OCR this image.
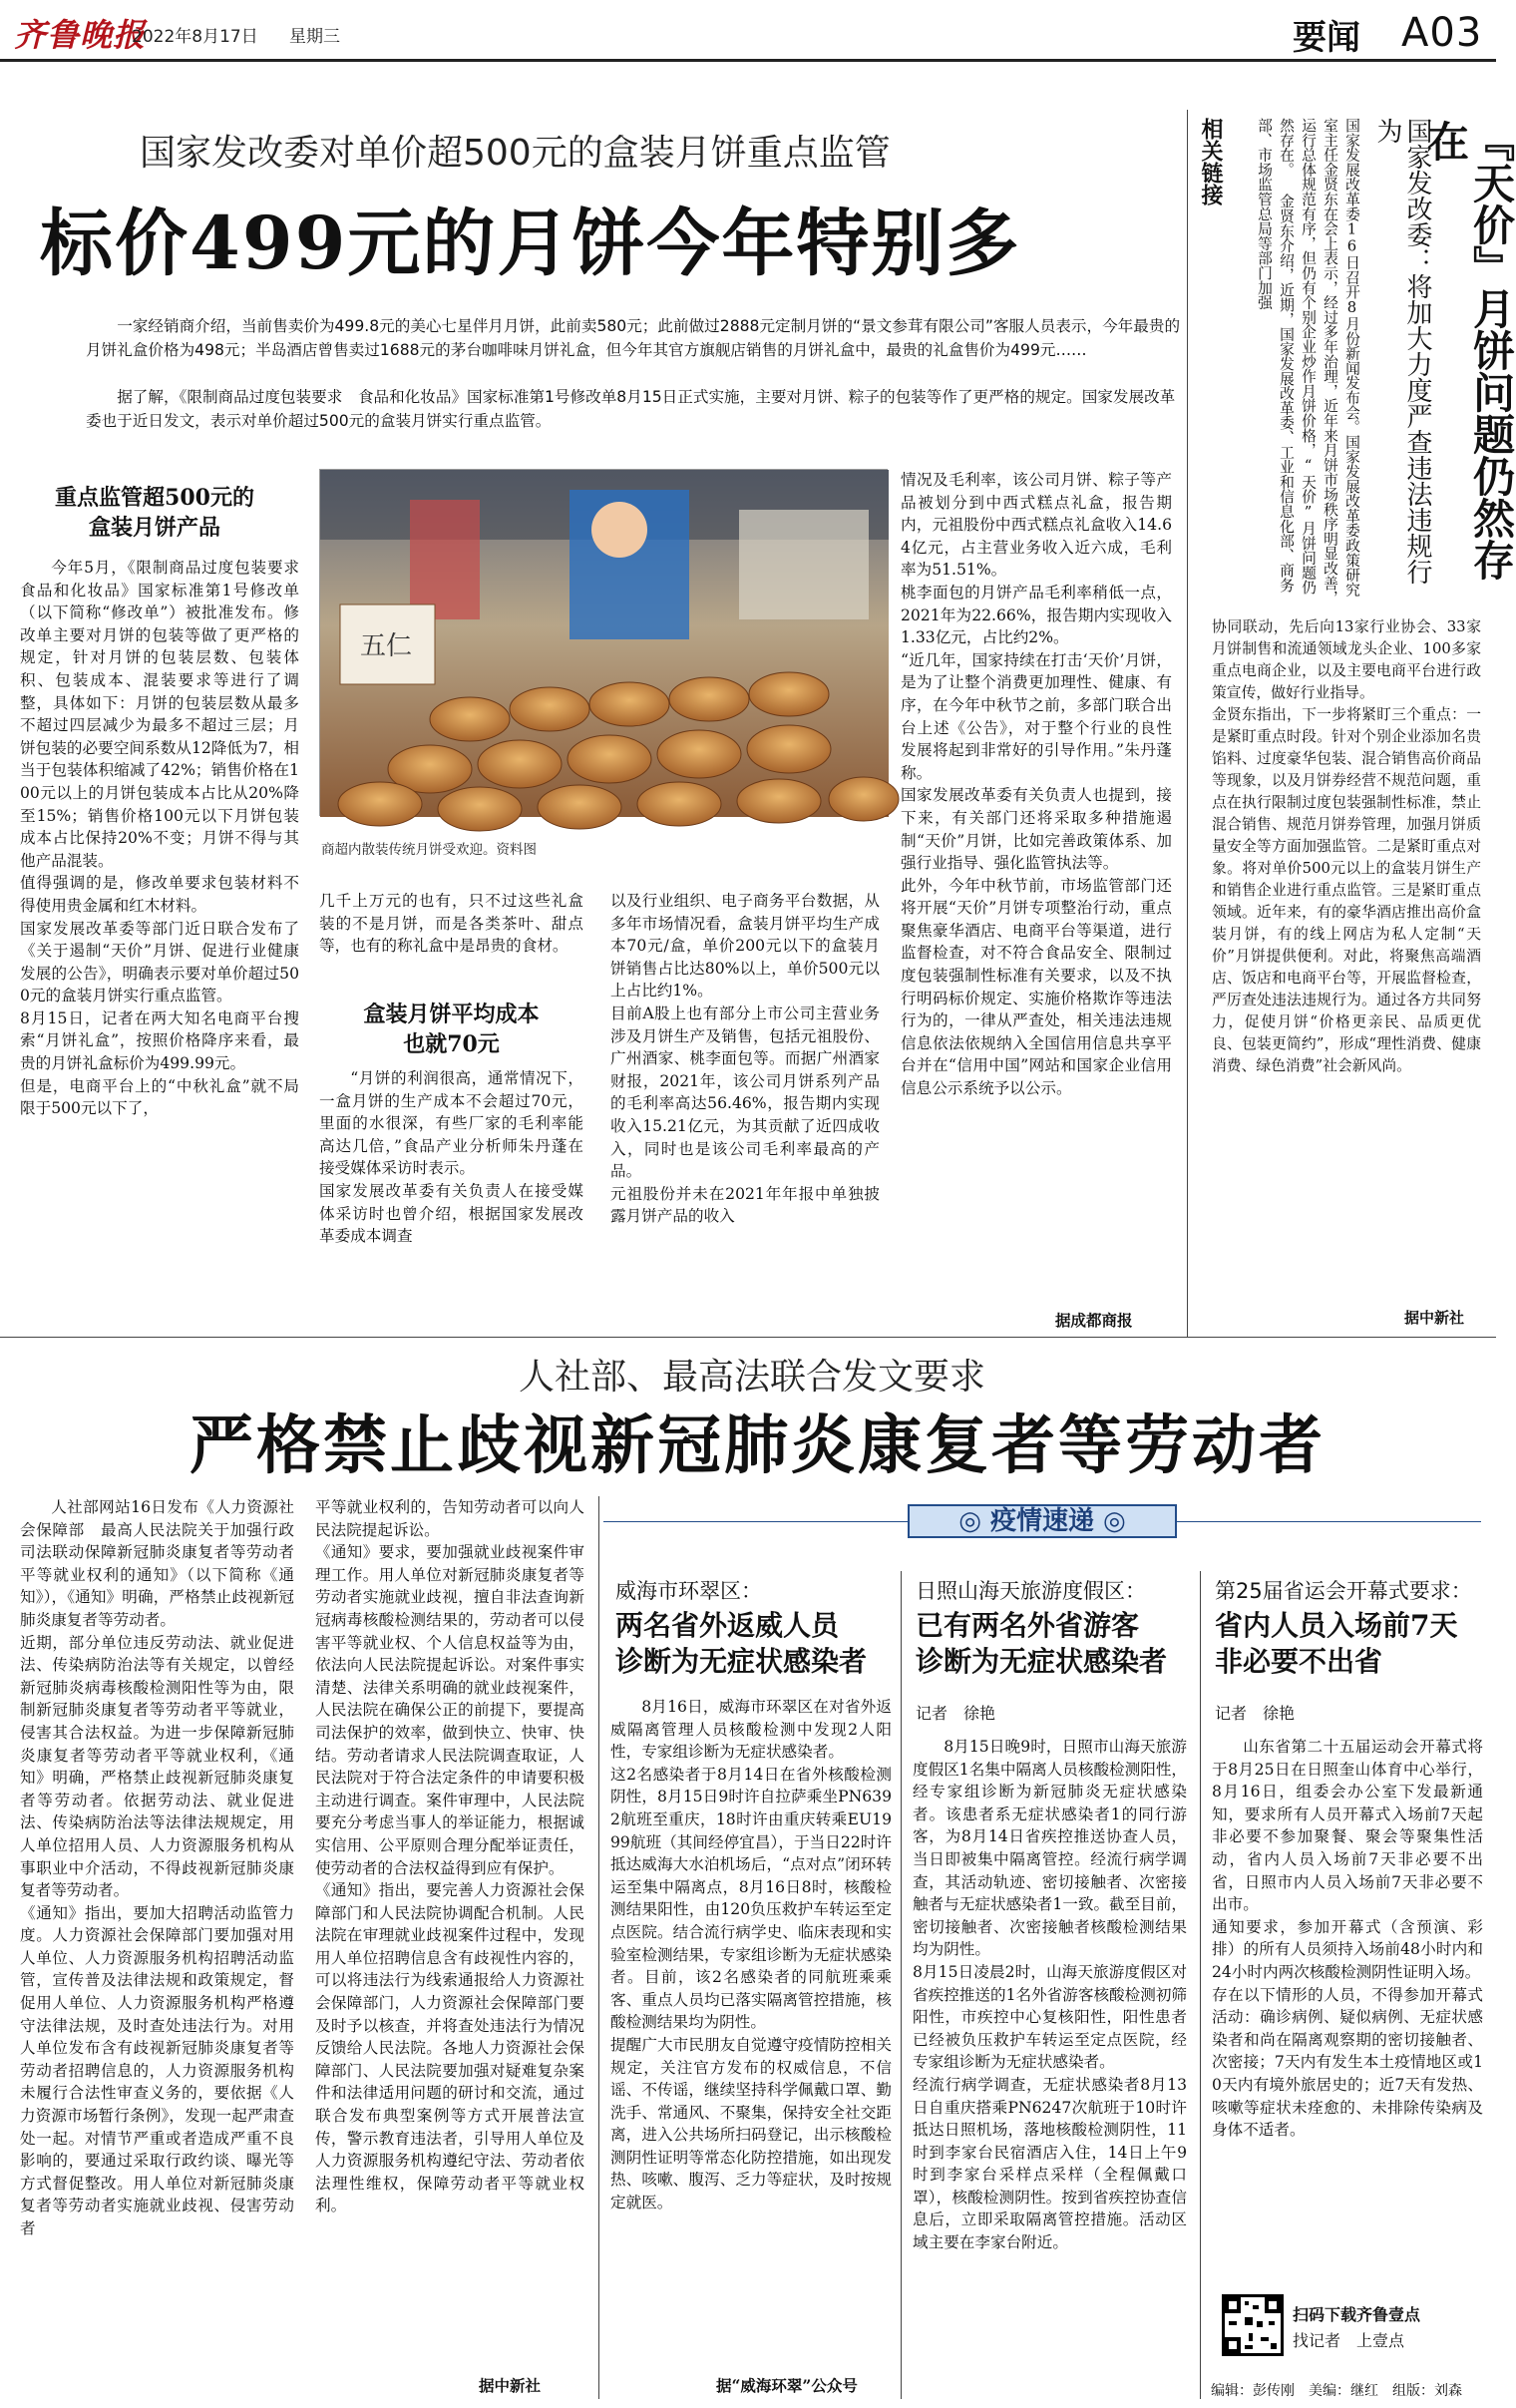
齐鲁晚报
2022年8月17日 星期三	要闻 A03
国家发改委对单价超500元的盒装月饼重点监管
标价499元的月饼今年特别多
一家经销商介绍，当前售卖价为499.8元的美心七星伴月月饼，此前卖580元；此前做过2888元定制月饼的“景文参茸有限公司”客服人员表示，今年最贵的月饼礼盒价格为498元；半岛酒店曾售卖过1688元的茅台咖啡味月饼礼盒，但今年其官方旗舰店销售的月饼礼盒中，最贵的礼盒售价为499元……
据了解，《限制商品过度包装要求　食品和化妆品》国家标准第1号修改单8月15日正式实施，主要对月饼、粽子的包装等作了更严格的规定。国家发展改革委也于近日发文，表示对单价超过500元的盒装月饼实行重点监管。
重点监管超500元的
盒装月饼产品
今年5月，《限制商品过度包装要求　食品和化妆品》国家标准第1号修改单（以下简称“修改单”）被批准发布。修改单主要对月饼的包装等做了更严格的规定，针对月饼的包装层数、包装体积、包装成本、混装要求等进行了调整，具体如下：月饼的包装层数从最多不超过四层减少为最多不超过三层；月饼包装的必要空间系数从12降低为7，相当于包装体积缩减了42%；销售价格在100元以上的月饼包装成本占比从20%降至15%；销售价格100元以下月饼包装成本占比保持20%不变；月饼不得与其他产品混装。
值得强调的是，修改单要求包装材料不得使用贵金属和红木材料。
国家发展改革委等部门近日联合发布了《关于遏制“天价”月饼、促进行业健康发展的公告》，明确表示要对单价超过500元的盒装月饼实行重点监管。
8月15日，记者在两大知名电商平台搜索“月饼礼盒”，按照价格降序来看，最贵的月饼礼盒标价为499.99元。
但是，电商平台上的“中秋礼盒”就不局限于500元以下了，
五仁
商超内散装传统月饼受欢迎。资料图
几千上万元的也有，只不过这些礼盒装的不是月饼，而是各类茶叶、甜点等，也有的称礼盒中是昂贵的食材。
盒装月饼平均成本
也就70元
“月饼的利润很高，通常情况下，一盒月饼的生产成本不会超过70元，里面的水很深，有些厂家的毛利率能高达几倍，”食品产业分析师朱丹蓬在接受媒体采访时表示。
国家发展改革委有关负责人在接受媒体采访时也曾介绍，根据国家发展改革委成本调查
以及行业组织、电子商务平台数据，从多年市场情况看，盒装月饼平均生产成本70元/盒，单价200元以下的盒装月饼销售占比达80%以上，单价500元以上占比约1%。
目前A股上也有部分上市公司主营业务涉及月饼生产及销售，包括元祖股份、广州酒家、桃李面包等。而据广州酒家财报，2021年，该公司月饼系列产品的毛利率高达56.46%，报告期内实现收入15.21亿元，为其贡献了近四成收入，同时也是该公司毛利率最高的产品。
元祖股份并未在2021年年报中单独披露月饼产品的收入
情况及毛利率，该公司月饼、粽子等产品被划分到中西式糕点礼盒，报告期内，元祖股份中西式糕点礼盒收入14.64亿元，占主营业务收入近六成，毛利率为51.51%。
桃李面包的月饼产品毛利率稍低一点，2021年为22.66%，报告期内实现收入1.33亿元，占比约2%。
“近几年，国家持续在打击‘天价’月饼，是为了让整个消费更加理性、健康、有序，在今年中秋节之前，多部门联合出台上述《公告》，对于整个行业的良性发展将起到非常好的引导作用。”朱丹蓬称。
国家发展改革委有关负责人也提到，接下来，有关部门还将采取多种措施遏制“天价”月饼，比如完善政策体系、加强行业指导、强化监管执法等。
此外，今年中秋节前，市场监管部门还将开展“天价”月饼专项整治行动，重点聚焦豪华酒店、电商平台等渠道，进行监督检查，对不符合食品安全、限制过度包装强制性标准有关要求，以及不执行明码标价规定、实施价格欺诈等违法行为的，一律从严查处，相关违法违规信息依法依规纳入全国信用信息共享平台并在“信用中国”网站和国家企业信用信息公示系统予以公示。
据成都商报
相关链接	『天价』月饼问题仍然存在
国家发改委：将加大力度严查违法违规行为
国家发展改革委16日召开8月份新闻发布会。国家发展改革委政策研究室主任金贤东在会上表示，经过多年治理，近年来月饼市场秩序明显改善，运行总体规范有序，但仍有个别企业炒作月饼价格，“天价”月饼问题仍然存在。 金贤东介绍，近期，国家发展改革委、工业和信息化部、商务部、市场监管总局等部门加强
协同联动，先后向13家行业协会、33家月饼制售和流通领域龙头企业、100多家重点电商企业，以及主要电商平台进行政策宣传，做好行业指导。
金贤东指出，下一步将紧盯三个重点：一是紧盯重点时段。针对个别企业添加名贵馅料、过度豪华包装、混合销售高价商品等现象，以及月饼券经营不规范问题，重点在执行限制过度包装强制性标准，禁止混合销售、规范月饼券管理，加强月饼质量安全等方面加强监管。二是紧盯重点对象。将对单价500元以上的盒装月饼生产和销售企业进行重点监管。三是紧盯重点领域。近年来，有的豪华酒店推出高价盒装月饼，有的线上网店为私人定制“天价”月饼提供便利。对此，将聚焦高端酒店、饭店和电商平台等，开展监督检查，严厉查处违法违规行为。通过各方共同努力，促使月饼“价格更亲民、品质更优良、包装更简约”，形成“理性消费、健康消费、绿色消费”社会新风尚。
据中新社
人社部、最高法联合发文要求
严格禁止歧视新冠肺炎康复者等劳动者
人社部网站16日发布《人力资源社会保障部　最高人民法院关于加强行政司法联动保障新冠肺炎康复者等劳动者平等就业权利的通知》（以下简称《通知》），《通知》明确，严格禁止歧视新冠肺炎康复者等劳动者。
近期，部分单位违反劳动法、就业促进法、传染病防治法等有关规定，以曾经新冠肺炎病毒核酸检测阳性等为由，限制新冠肺炎康复者等劳动者平等就业，侵害其合法权益。为进一步保障新冠肺炎康复者等劳动者平等就业权利，《通知》明确，严格禁止歧视新冠肺炎康复者等劳动者。依据劳动法、就业促进法、传染病防治法等法律法规规定，用人单位招用人员、人力资源服务机构从事职业中介活动，不得歧视新冠肺炎康复者等劳动者。
《通知》指出，要加大招聘活动监管力度。人力资源社会保障部门要加强对用人单位、人力资源服务机构招聘活动监管，宣传普及法律法规和政策规定，督促用人单位、人力资源服务机构严格遵守法律法规，及时查处违法行为。对用人单位发布含有歧视新冠肺炎康复者等劳动者招聘信息的，人力资源服务机构未履行合法性审查义务的，要依据《人力资源市场暂行条例》，发现一起严肃查处一起。对情节严重或者造成严重不良影响的，要通过采取行政约谈、曝光等方式督促整改。用人单位对新冠肺炎康复者等劳动者实施就业歧视、侵害劳动者
平等就业权利的，告知劳动者可以向人民法院提起诉讼。
《通知》要求，要加强就业歧视案件审理工作。用人单位对新冠肺炎康复者等劳动者实施就业歧视，擅自非法查询新冠病毒核酸检测结果的，劳动者可以侵害平等就业权、个人信息权益等为由，依法向人民法院提起诉讼。对案件事实清楚、法律关系明确的就业歧视案件，人民法院在确保公正的前提下，要提高司法保护的效率，做到快立、快审、快结。劳动者请求人民法院调查取证，人民法院对于符合法定条件的申请要积极主动进行调查。案件审理中，人民法院要充分考虑当事人的举证能力，根据诚实信用、公平原则合理分配举证责任，使劳动者的合法权益得到应有保护。
《通知》指出，要完善人力资源社会保障部门和人民法院协调配合机制。人民法院在审理就业歧视案件过程中，发现用人单位招聘信息含有歧视性内容的，可以将违法行为线索通报给人力资源社会保障部门，人力资源社会保障部门要及时予以核查，并将查处违法行为情况反馈给人民法院。各地人力资源社会保障部门、人民法院要加强对疑难复杂案件和法律适用问题的研讨和交流，通过联合发布典型案例等方式开展普法宣传，警示教育违法者，引导用人单位及人力资源服务机构遵纪守法、劳动者依法理性维权，保障劳动者平等就业权利。
据中新社
◎ 疫情速递 ◎
威海市环翠区：
两名省外返威人员
诊断为无症状感染者
8月16日，威海市环翠区在对省外返威隔离管理人员核酸检测中发现2人阳性，专家组诊断为无症状感染者。
这2名感染者于8月14日在省外核酸检测阴性，8月15日9时许自拉萨乘坐PN6392航班至重庆，18时许由重庆转乘EU1999航班（其间经停宜昌），于当日22时许抵达威海大水泊机场后，“点对点”闭环转运至集中隔离点，8月16日8时，核酸检测结果阳性，由120负压救护车转运至定点医院。结合流行病学史、临床表现和实验室检测结果，专家组诊断为无症状感染者。目前，该2名感染者的同航班乘乘客、重点人员均已落实隔离管控措施，核酸检测结果均为阴性。
提醒广大市民朋友自觉遵守疫情防控相关规定，关注官方发布的权威信息，不信谣、不传谣，继续坚持科学佩戴口罩、勤洗手、常通风、不聚集，保持安全社交距离，进入公共场所扫码登记，出示核酸检测阴性证明等常态化防控措施，如出现发热、咳嗽、腹泻、乏力等症状，及时按规定就医。
据“威海环翠”公众号
日照山海天旅游度假区：
已有两名外省游客
诊断为无症状感染者
记者　徐艳
8月15日晚9时，日照市山海天旅游度假区1名集中隔离人员核酸检测阳性，经专家组诊断为新冠肺炎无症状感染者。该患者系无症状感染者1的同行游客，为8月14日省疾控推送协查人员，当日即被集中隔离管控。经流行病学调查，其活动轨迹、密切接触者、次密接触者与无症状感染者1一致。截至目前，密切接触者、次密接触者核酸检测结果均为阴性。
8月15日凌晨2时，山海天旅游度假区对省疾控推送的1名外省游客核酸检测初筛阳性，市疾控中心复核阳性，阳性患者已经被负压救护车转运至定点医院，经专家组诊断为无症状感染者。
经流行病学调查，无症状感染者8月13日自重庆搭乘PN6247次航班于10时许抵达日照机场，落地核酸检测阴性，11时到李家台民宿酒店入住，14日上午9时到李家台采样点采样（全程佩戴口罩），核酸检测阴性。按到省疾控协查信息后，立即采取隔离管控措施。活动区域主要在李家台附近。
第25届省运会开幕式要求：
省内人员入场前7天
非必要不出省
记者　徐艳
山东省第二十五届运动会开幕式将于8月25日在日照奎山体育中心举行，8月16日，组委会办公室下发最新通知，要求所有人员开幕式入场前7天起非必要不参加聚餐、聚会等聚集性活动，省内人员入场前7天非必要不出省，日照市内人员入场前7天非必要不出市。
通知要求，参加开幕式（含预演、彩排）的所有人员须持入场前48小时内和24小时内两次核酸检测阴性证明入场。
存在以下情形的人员，不得参加开幕式活动：确诊病例、疑似病例、无症状感染者和尚在隔离观察期的密切接触者、次密接；7天内有发生本土疫情地区或10天内有境外旅居史的；近7天有发热、咳嗽等症状未痊愈的、未排除传染病及身体不适者。
扫码下载齐鲁壹点
找记者　上壹点
编辑：彭传刚　美编：继红　组版：刘森
